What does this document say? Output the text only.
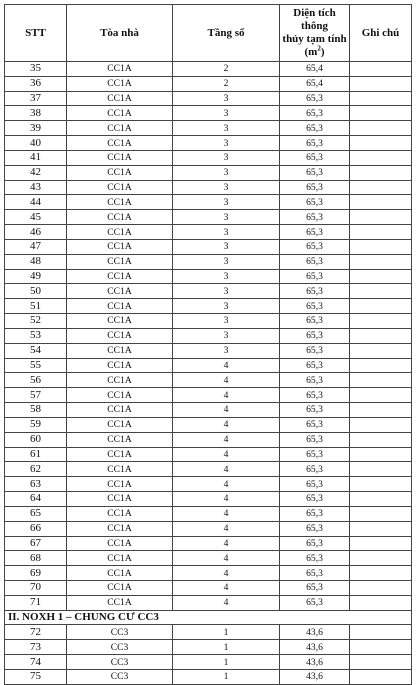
STT	Tòa nhà	Tầng số	Diện tích thông
thủy tạm tính
$(m^2)$	Ghi chú
35	CC1A	2	65,4	
36	CC1A	2	65,4	
37	CC1A	3	65,3	
38	CC1A	3	65,3	
39	CC1A	3	65,3	
40	CC1A	3	65,3	
41	CC1A	3	65,3	
42	CC1A	3	65,3	
43	CC1A	3	65,3	
44	CC1A	3	65,3	
45	CC1A	3	65,3	
46	CC1A	3	65,3	
47	CC1A	3	65,3	
48	CC1A	3	65,3	
49	CC1A	3	65,3	
50	CC1A	3	65,3	
51	CC1A	3	65,3	
52	CC1A	3	65,3	
53	CC1A	3	65,3	
54	CC1A	3	65,3	
55	CC1A	4	65,3	
56	CC1A	4	65,3	
57	CC1A	4	65,3	
58	CC1A	4	65,3	
59	CC1A	4	65,3	
60	CC1A	4	65,3	
61	CC1A	4	65,3	
62	CC1A	4	65,3	
63	CC1A	4	65,3	
64	CC1A	4	65,3	
65	CC1A	4	65,3	
66	CC1A	4	65,3	
67	CC1A	4	65,3	
68	CC1A	4	65,3	
69	CC1A	4	65,3	
70	CC1A	4	65,3	
71	CC1A	4	65,3	
II. NOXH 1 – CHUNG CƯ CC3				
72	CC3	1	43,6	
73	CC3	1	43,6	
74	CC3	1	43,6	
75	CC3	1	43,6	
